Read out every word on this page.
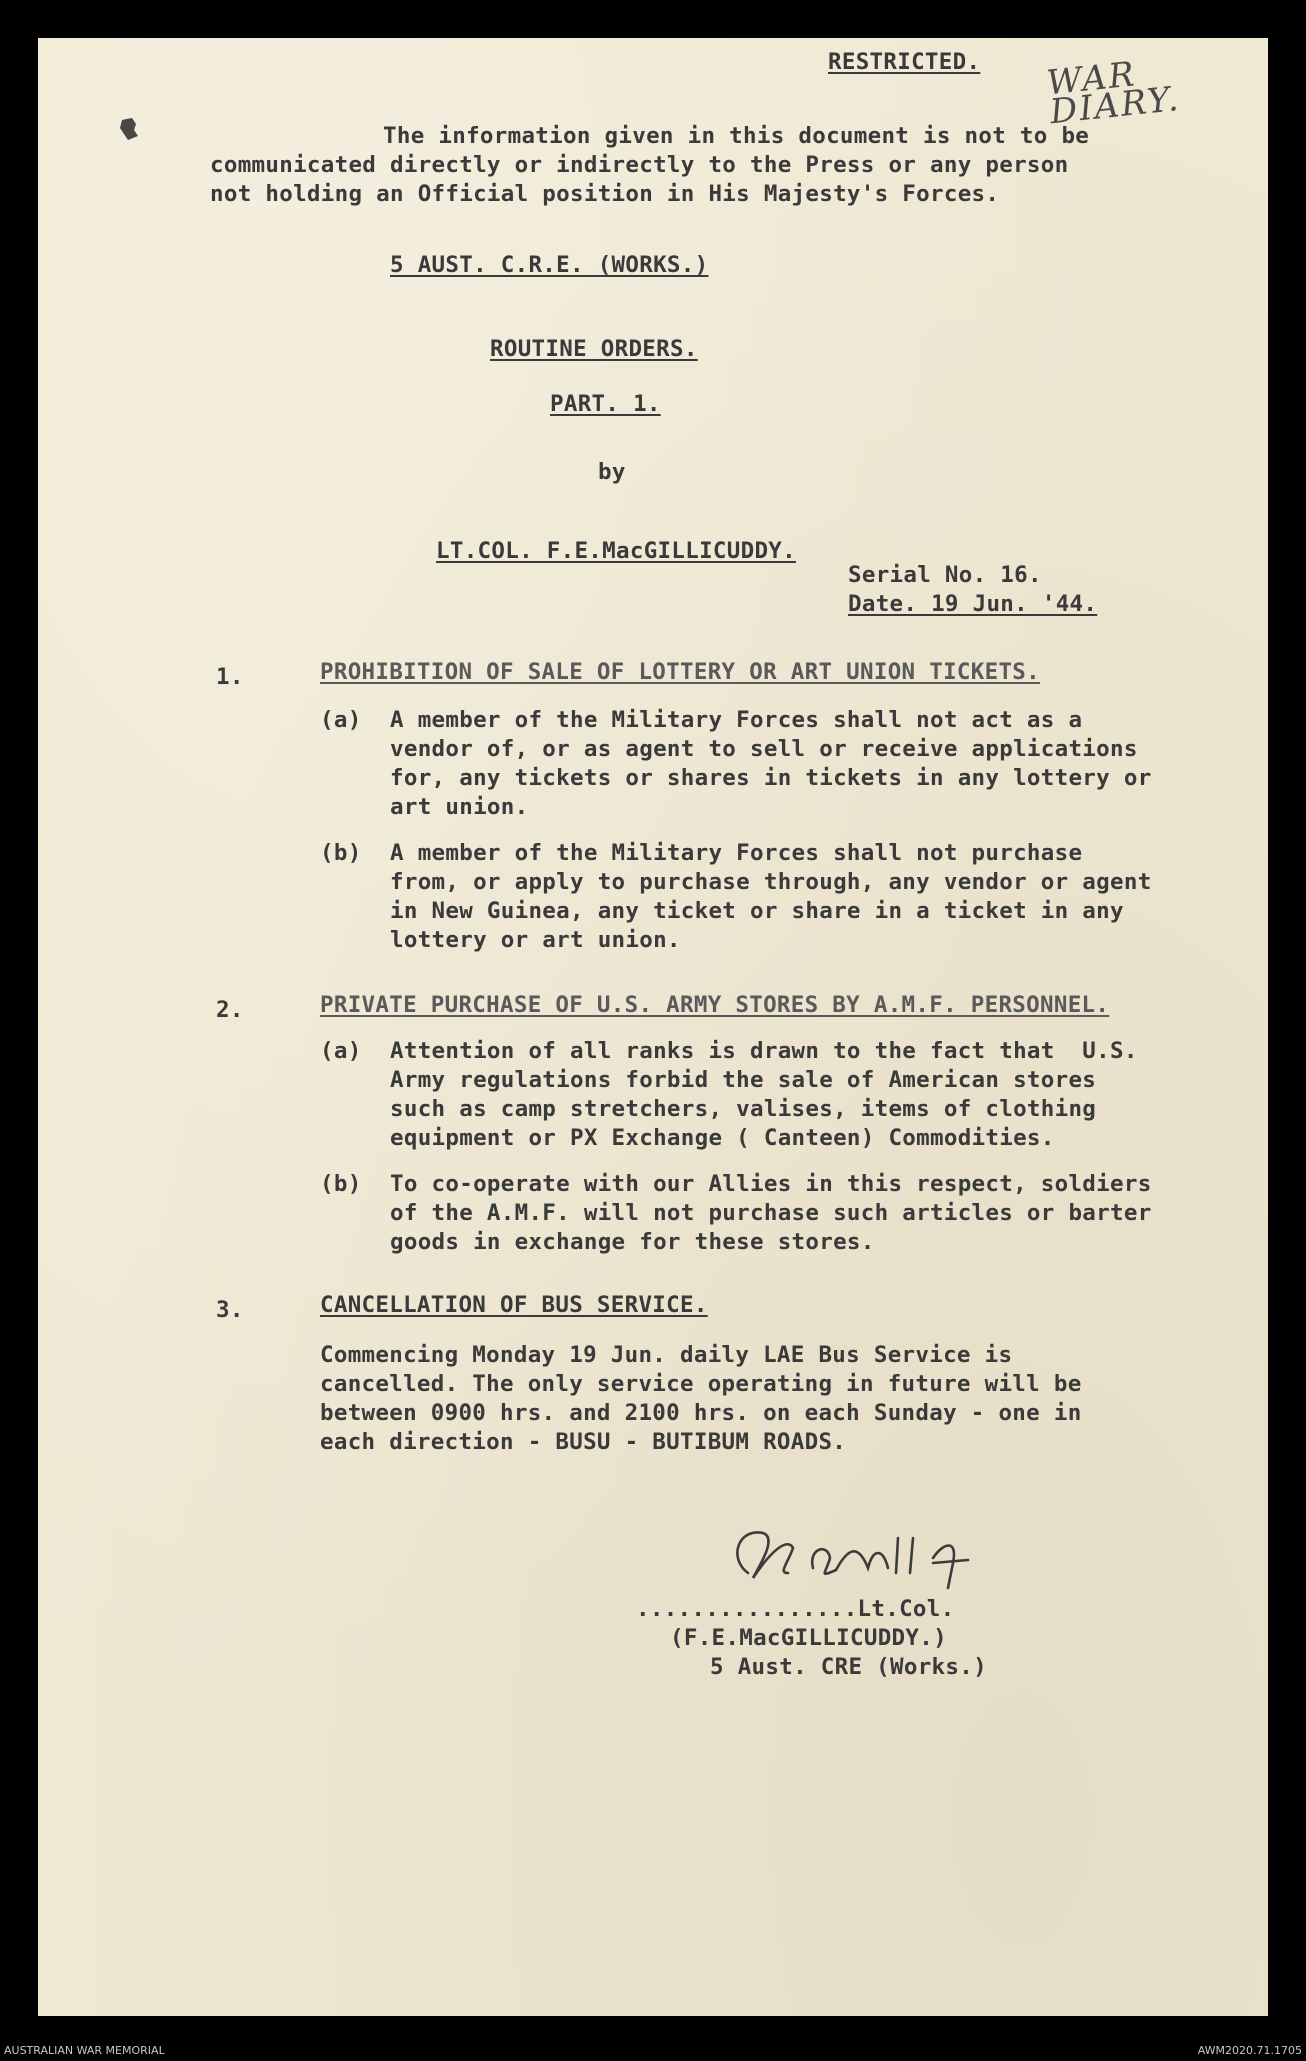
RESTRICTED. WAR DIARY.
The information given in this document is not to be
communicated directly or indirectly to the Press or any person
not holding an Official position in His Majesty's Forces.
5 AUST. C.R.E. (WORKS.)
ROUTINE ORDERS.
PART. 1.
by
LT.COL. F.E.MacGILLICUDDY.
Serial No. 16.
Date. 19 Jun. '44.
1.	PROHIBITION OF SALE OF LOTTERY OR ART UNION TICKETS.
(a) A member of the Military Forces shall not act as a
vendor of, or as agent to sell or receive applications
for, any tickets or shares in tickets in any lottery or
art union.
(b) A member of the Military Forces shall not purchase
from, or apply to purchase through, any vendor or agent
in New Guinea, any ticket or share in a ticket in any
lottery or art union.
2.	PRIVATE PURCHASE OF U.S. ARMY STORES BY A.M.F. PERSONNEL.
(a) Attention of all ranks is drawn to the fact that  U.S.
Army regulations forbid the sale of American stores
such as camp stretchers, valises, items of clothing
equipment or PX Exchange ( Canteen) Commodities.
(b) To co-operate with our Allies in this respect, soldiers
of the A.M.F. will not purchase such articles or barter
goods in exchange for these stores.
3.	CANCELLATION OF BUS SERVICE.
Commencing Monday 19 Jun. daily LAE Bus Service is
cancelled. The only service operating in future will be
between 0900 hrs. and 2100 hrs. on each Sunday - one in
each direction - BUSU - BUTIBUM ROADS.
................Lt.Col.
(F.E.MacGILLICUDDY.)
5 Aust. CRE (Works.)
AUSTRALIAN WAR MEMORIAL	AWM2020.71.1705
